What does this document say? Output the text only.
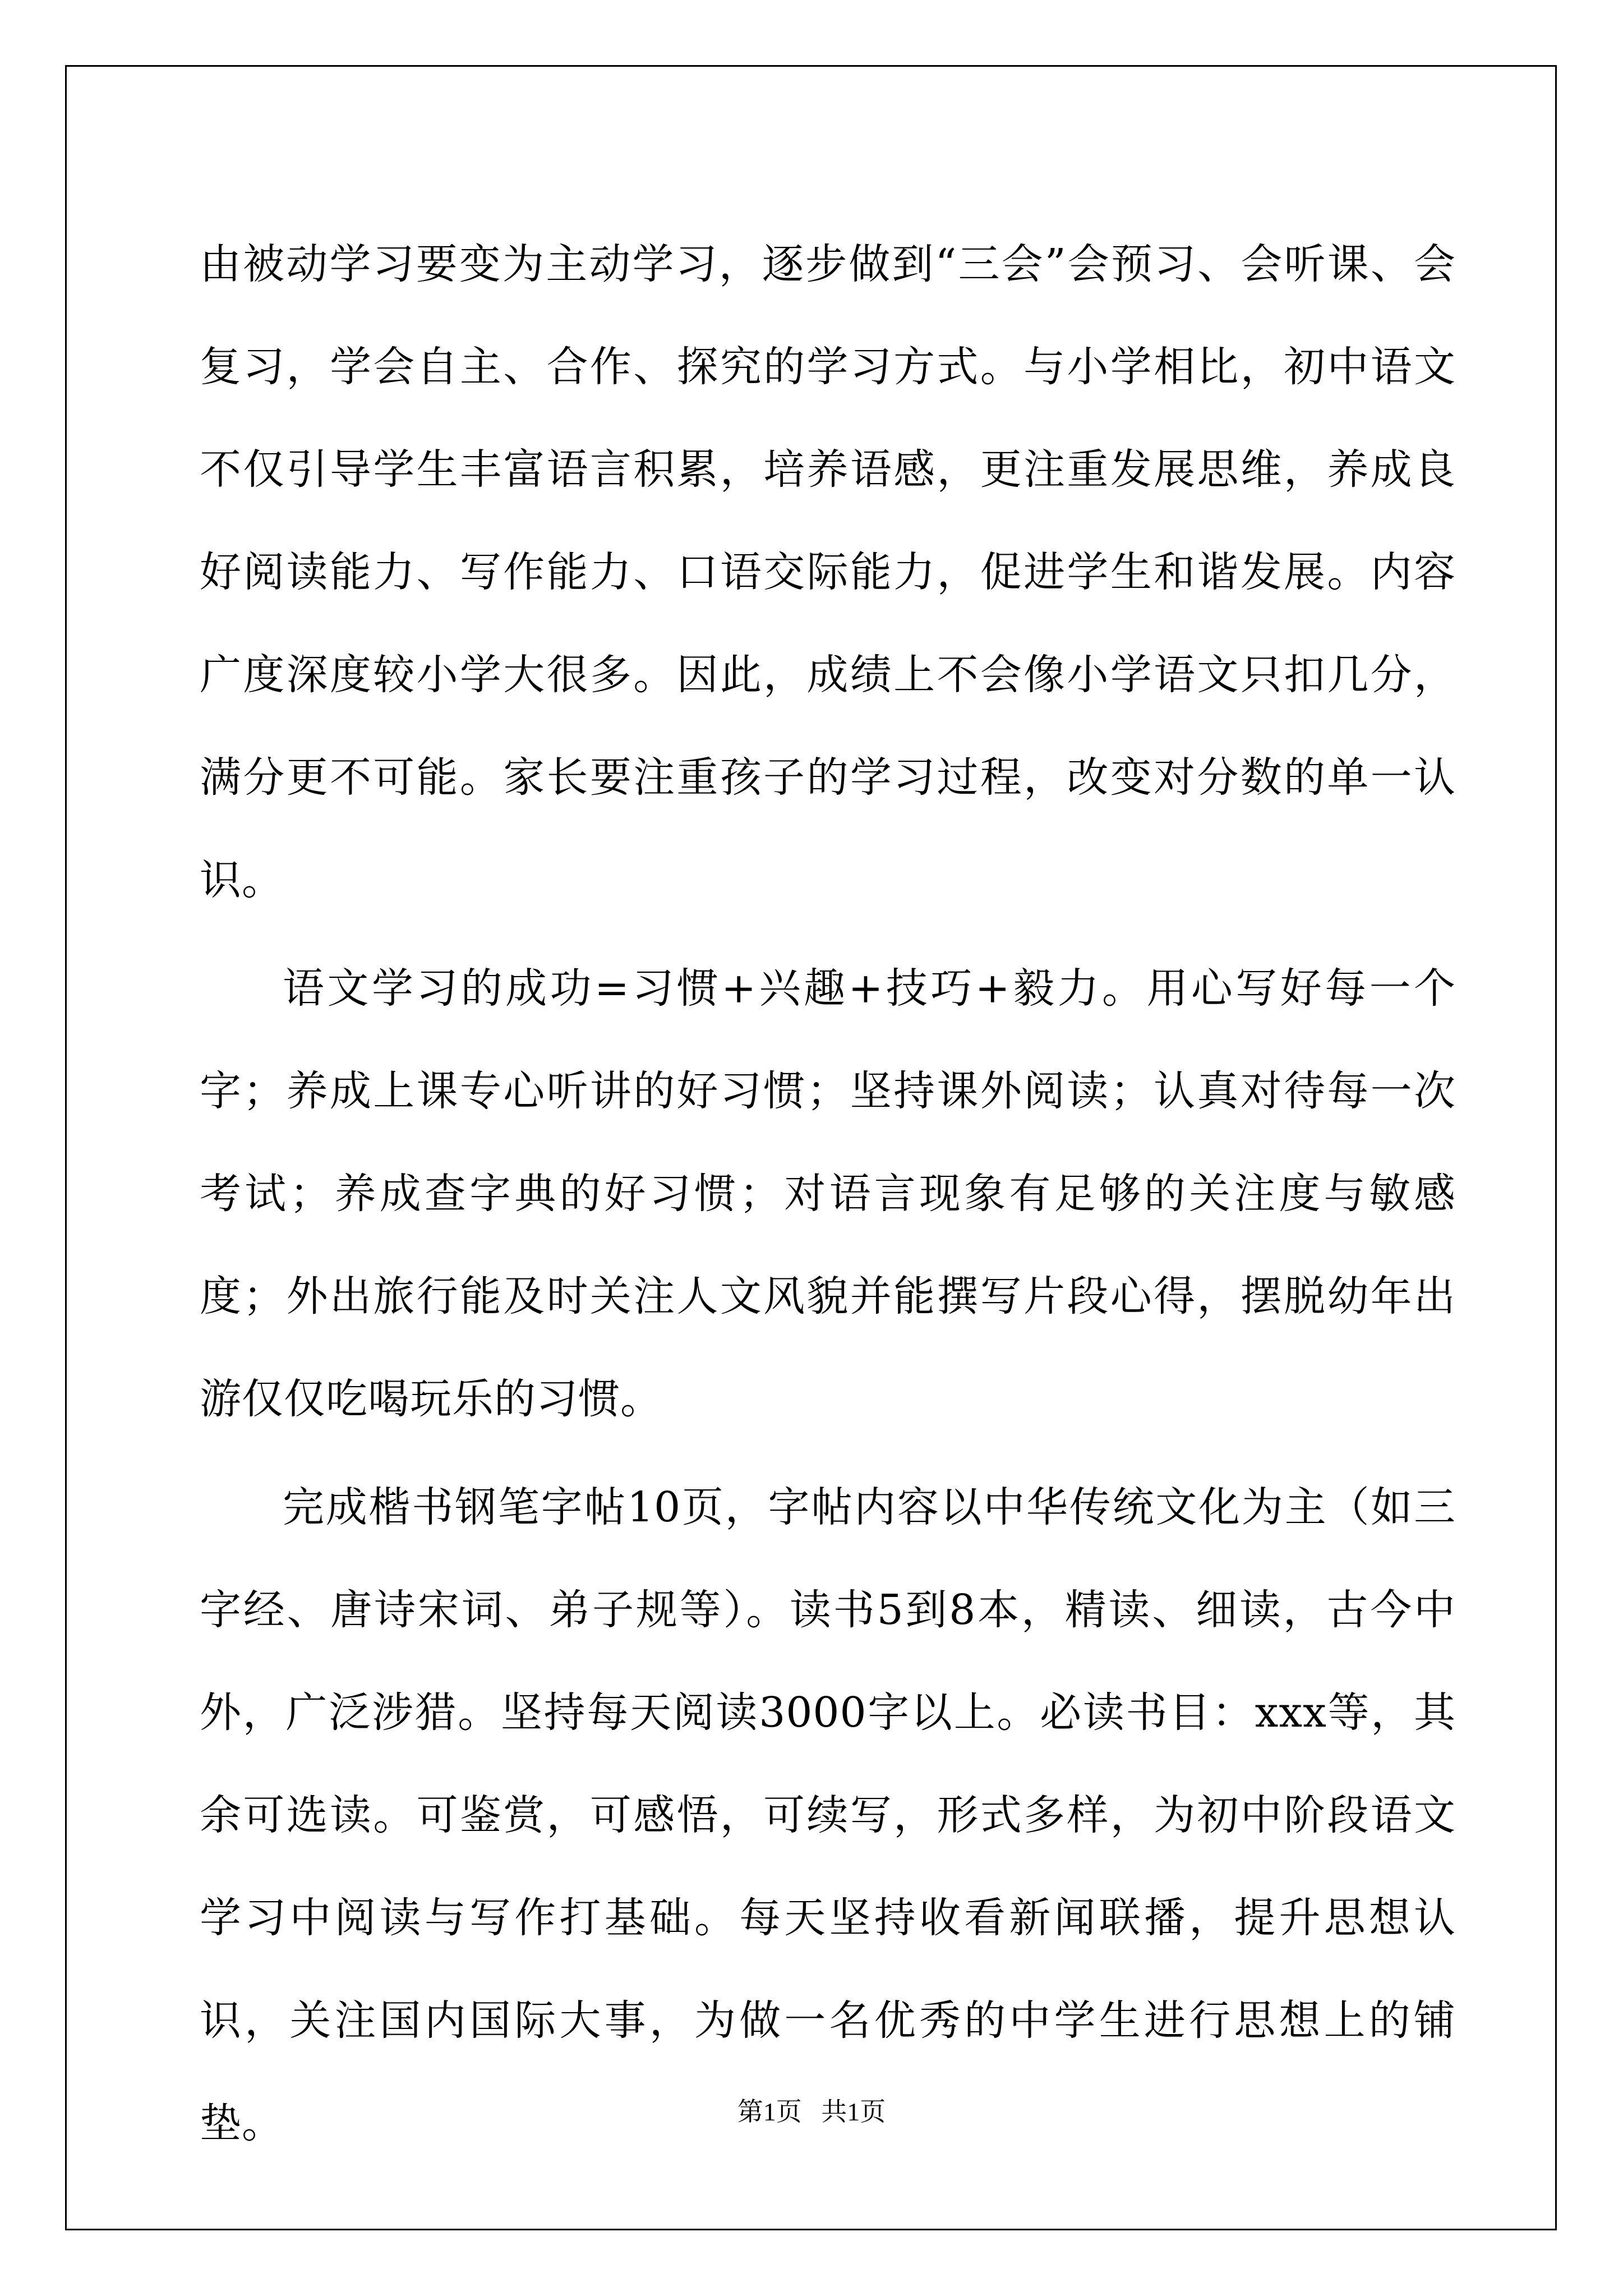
由被动学习要变为主动学习，逐步做到“三会”会预习、会听课、会复习，学会自主、合作、探究的学习方式。与小学相比，初中语文不仅引导学生丰富语言积累，培养语感，更注重发展思维，养成良好阅读能力、写作能力、口语交际能力，促进学生和谐发展。内容广度深度较小学大很多。因此，成绩上不会像小学语文只扣几分，满分更不可能。家长要注重孩子的学习过程，改变对分数的单一认识。

语文学习的成功=习惯+兴趣+技巧+毅力。用心写好每一个字；养成上课专心听讲的好习惯；坚持课外阅读；认真对待每一次考试；养成查字典的好习惯；对语言现象有足够的关注度与敏感度；外出旅行能及时关注人文风貌并能撰写片段心得，摆脱幼年出游仅仅吃喝玩乐的习惯。

完成楷书钢笔字帖10页，字帖内容以中华传统文化为主（如三字经、唐诗宋词、弟子规等）。读书5到8本，精读、细读，古今中外，广泛涉猎。坚持每天阅读3000字以上。必读书目：xxx等，其余可选读。可鉴赏，可感悟，可续写，形式多样，为初中阶段语文学习中阅读与写作打基础。每天坚持收看新闻联播，提升思想认识，关注国内国际大事，为做一名优秀的中学生进行思想上的铺垫。	第1页   共1页
